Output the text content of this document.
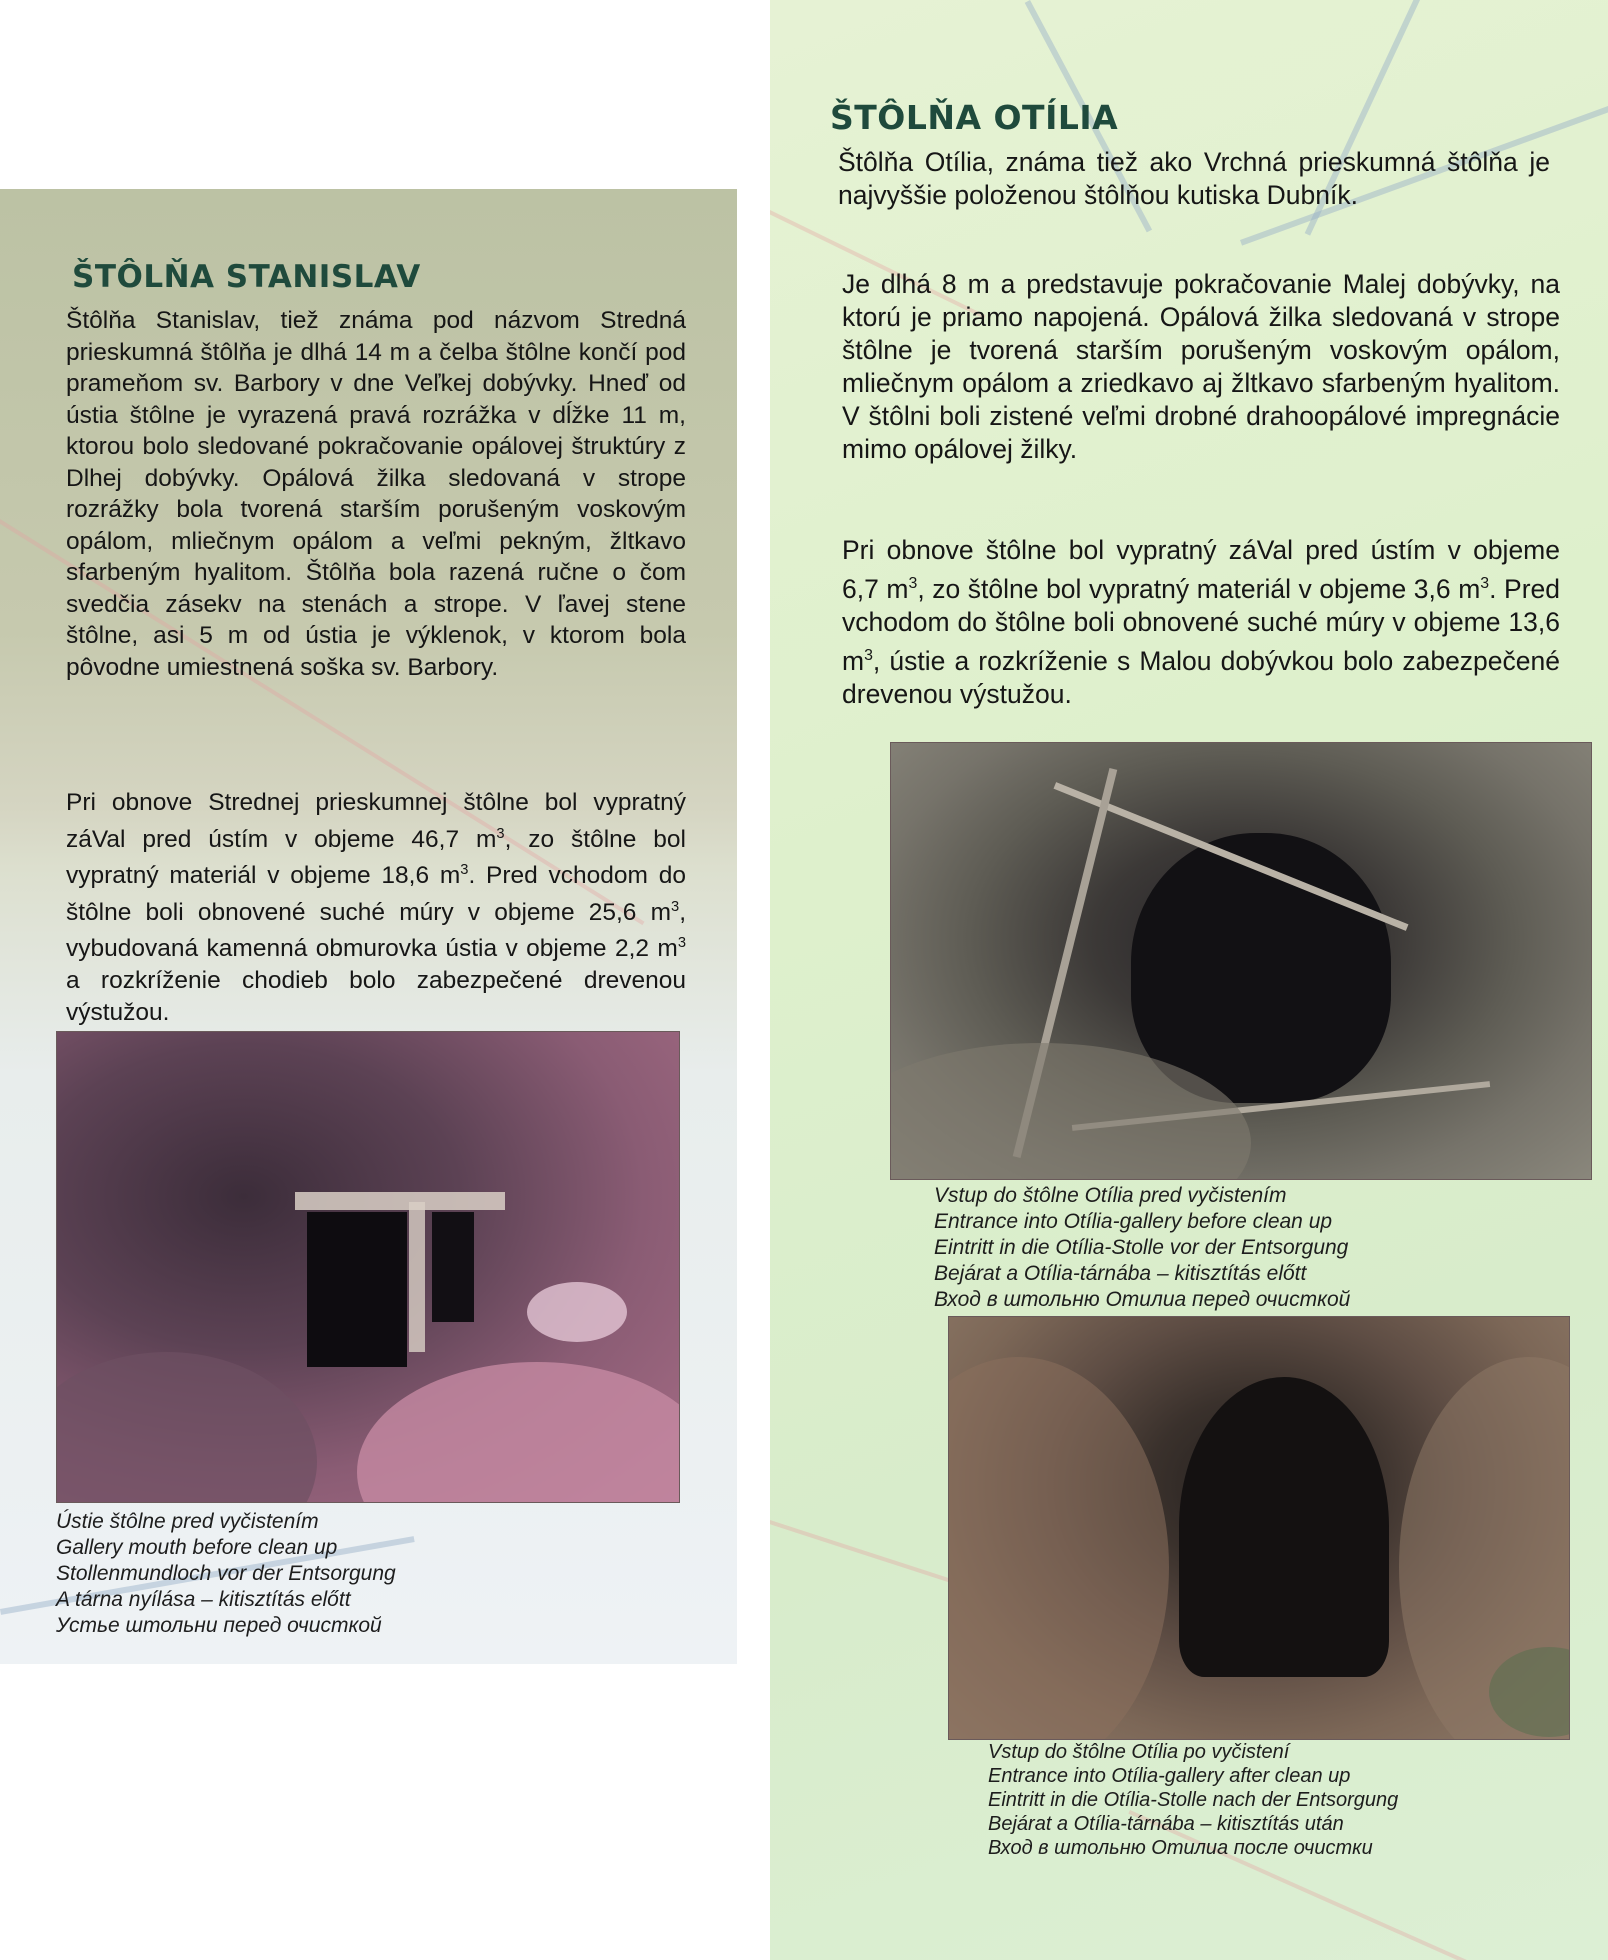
ŠTÔLŇA STANISLAV

Štôlňa Stanislav, tiež známa pod názvom Stredná prieskumná štôlňa je dlhá 14 m a čelba štôlne končí pod prameňom sv. Barbory v dne Veľkej dobývky. Hneď od ústia štôlne je vyrazená pravá rozrážka v dĺžke 11 m, ktorou bolo sledované pokračovanie opálovej štruktúry z Dlhej dobývky. Opálová žilka sledovaná v strope rozrážky bola tvorená starším porušeným voskovým opálom, mliečnym opálom a veľmi pekným, žltkavo sfarbeným hyalitom. Štôlňa bola razená ručne o čom svedčia zásekv na stenách a strope. V ľavej stene štôlne, asi 5 m od ústia je výklenok, v ktorom bola pôvodne umiestnená soška sv. Barbory.

Pri obnove Strednej prieskumnej štôlne bol vypratný záVal pred ústím v objeme 46,7 $m^3$, zo štôlne bol vypratný materiál v objeme 18,6 $m^3$. Pred vchodom do štôlne boli obnovené suché múry v objeme 25,6 $m^3$, vybudovaná kamenná obmurovka ústia v objeme 2,2 $m^3$ a rozkríženie chodieb bolo zabezpečené drevenou výstužou.

Ústie štôlne pred vyčistením
Gallery mouth before clean up
Stollenmundloch vor der Entsorgung
A tárna nyílása – kitisztítás előtt
Устье штольни перед очисткой

ŠTÔLŇA OTÍLIA

Štôlňa Otília, známa tiež ako Vrchná prieskumná štôlňa je najvyššie položenou štôlňou kutiska Dubník.

Je dlhá 8 m a predstavuje pokračovanie Malej dobývky, na ktorú je priamo napojená. Opálová žilka sledovaná v strope štôlne je tvorená starším porušeným voskovým opálom, mliečnym opálom a zriedkavo aj žltkavo sfarbeným hyalitom. V štôlni boli zistené veľmi drobné drahoopálové impregnácie mimo opálovej žilky.

Pri obnove štôlne bol vypratný záVal pred ústím v objeme 6,7 $m^3$, zo štôlne bol vypratný materiál v objeme 3,6 $m^3$. Pred vchodom do štôlne boli obnovené suché múry v objeme 13,6 $m^3$, ústie a rozkríženie s Malou dobývkou bolo zabezpečené drevenou výstužou.

Vstup do štôlne Otília pred vyčistením
Entrance into Otília-gallery before clean up
Eintritt in die Otília-Stolle vor der Entsorgung
Bejárat a Otília-tárnába – kitisztítás előtt
Вход в штольню Отилиа перед очисткой

Vstup do štôlne Otília po vyčistení
Entrance into Otília-gallery after clean up
Eintritt in die Otília-Stolle nach der Entsorgung
Bejárat a Otília-tárnába – kitisztítás után
Вход в штольню Отилиа после очистки
